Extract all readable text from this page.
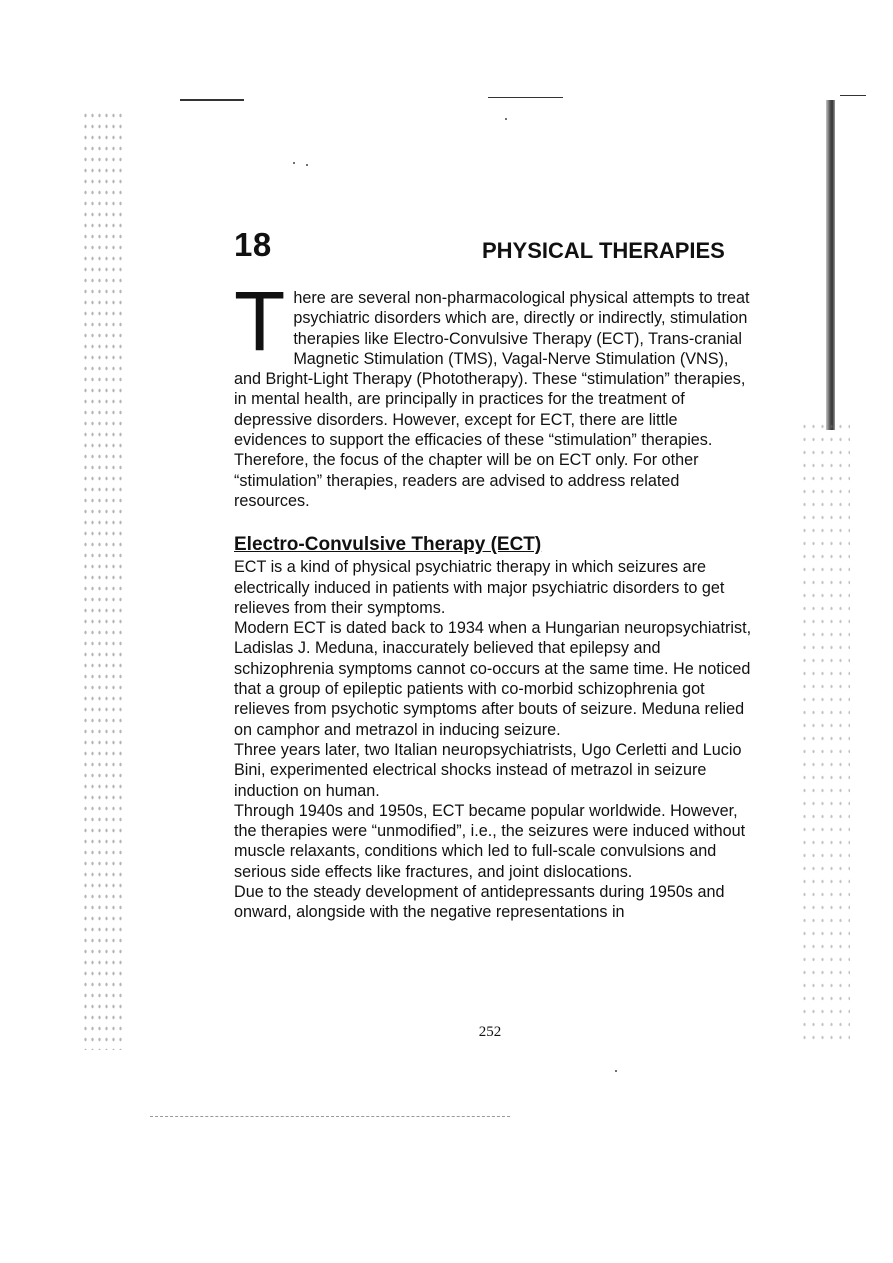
18	PHYSICAL THERAPIES

There are several non-pharmacological physical attempts to treat psychiatric disorders which are, directly or indirectly, stimulation therapies like Electro-Convulsive Therapy (ECT), Trans-cranial Magnetic Stimulation (TMS), Vagal-Nerve Stimulation (VNS), and Bright-Light Therapy (Phototherapy). These “stimulation” therapies, in mental health, are principally in practices for the treatment of depressive disorders. However, except for ECT, there are little evidences to support the efficacies of these “stimulation” therapies.

Therefore, the focus of the chapter will be on ECT only. For other “stimulation” therapies, readers are advised to address related resources.

Electro-Convulsive Therapy (ECT)

ECT is a kind of physical psychiatric therapy in which seizures are electrically induced in patients with major psychiatric disorders to get relieves from their symptoms.

Modern ECT is dated back to 1934 when a Hungarian neuropsychiatrist, Ladislas J. Meduna, inaccurately believed that epilepsy and schizophrenia symptoms cannot co-occurs at the same time. He noticed that a group of epileptic patients with co-morbid schizophrenia got relieves from psychotic symptoms after bouts of seizure. Meduna relied on camphor and metrazol in inducing seizure.

Three years later, two Italian neuropsychiatrists, Ugo Cerletti and Lucio Bini, experimented electrical shocks instead of metrazol in seizure induction on human.

Through 1940s and 1950s, ECT became popular worldwide. However, the therapies were “unmodified”, i.e., the seizures were induced without muscle relaxants, conditions which led to full-scale convulsions and serious side effects like fractures, and joint dislocations.

Due to the steady development of antidepressants during 1950s and onward, alongside with the negative representations in

252
